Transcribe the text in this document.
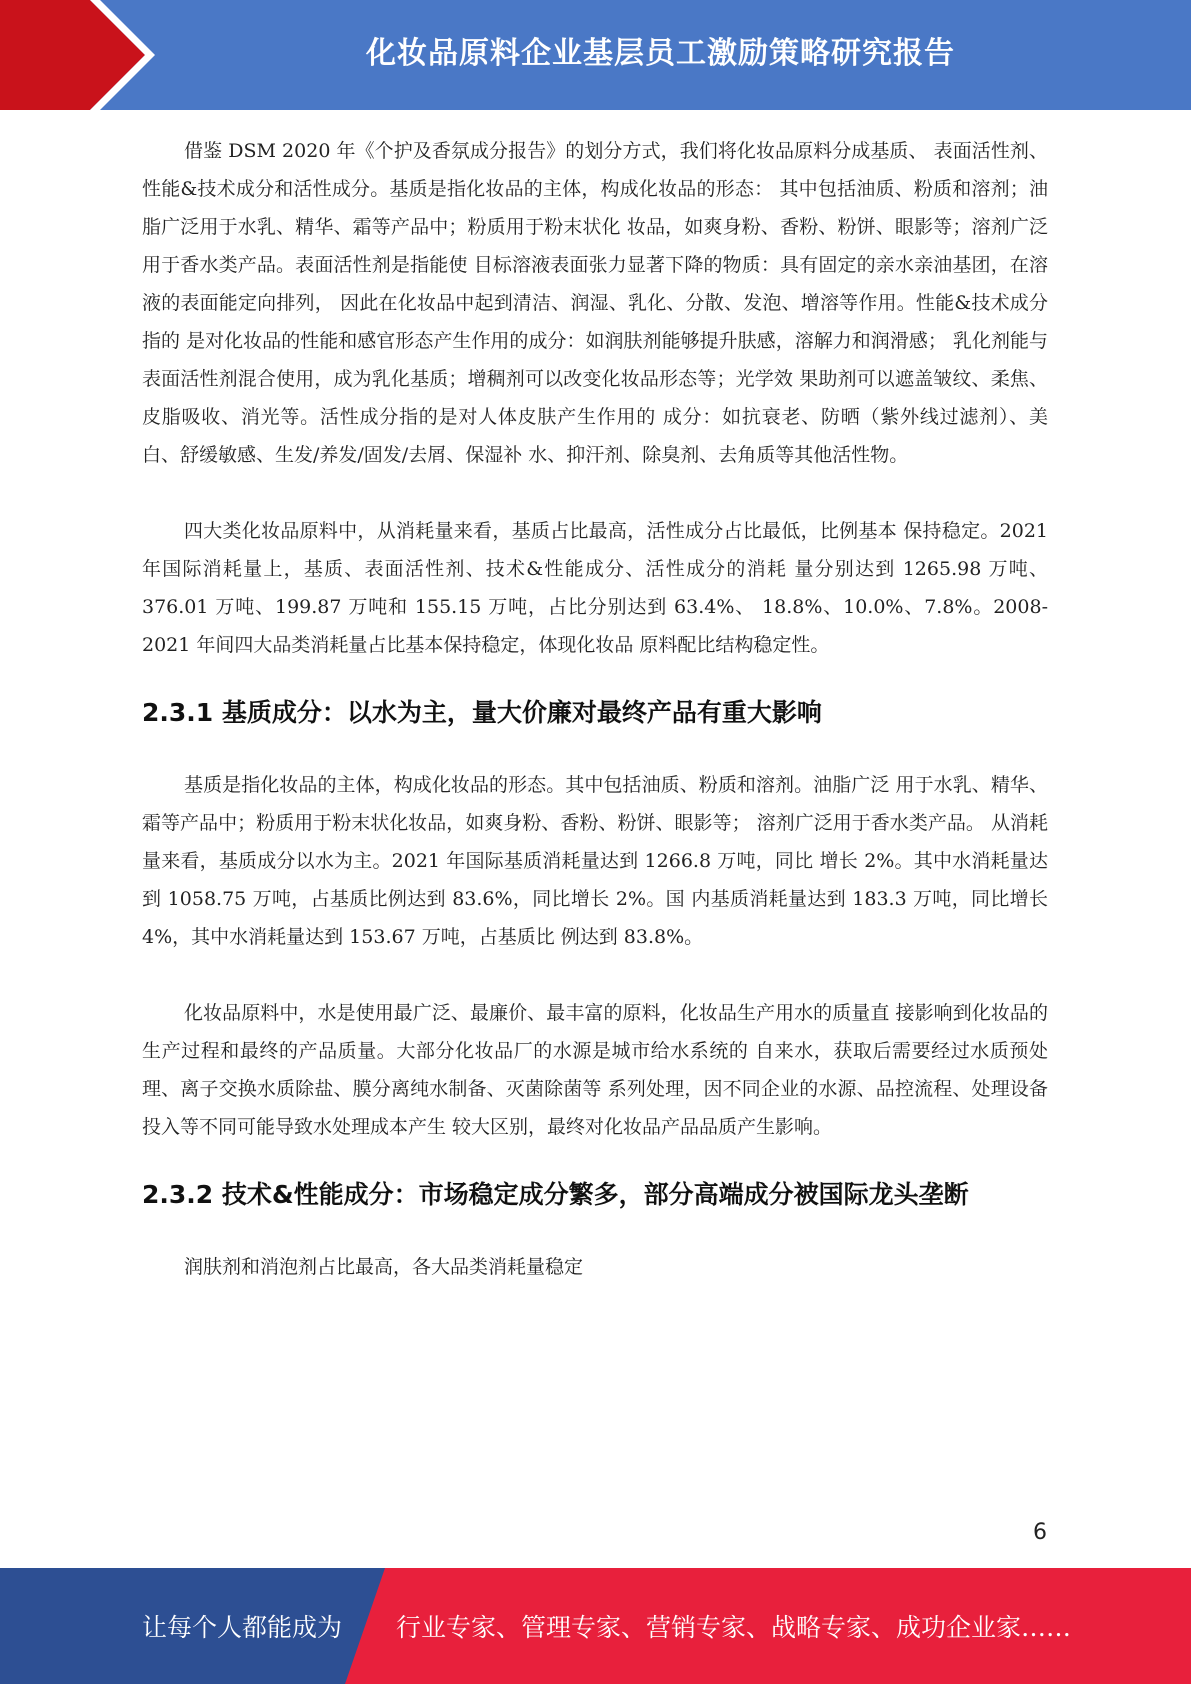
化妆品原料企业基层员工激励策略研究报告

借鉴 DSM 2020 年《个护及香氛成分报告》的划分方式，我们将化妆品原料分成基质、 表面活性剂、性能&技术成分和活性成分。基质是指化妆品的主体，构成化妆品的形态： 其中包括油质、粉质和溶剂；油脂广泛用于水乳、精华、霜等产品中；粉质用于粉末状化 妆品，如爽身粉、香粉、粉饼、眼影等；溶剂广泛用于香水类产品。表面活性剂是指能使 目标溶液表面张力显著下降的物质：具有固定的亲水亲油基团，在溶液的表面能定向排列， 因此在化妆品中起到清洁、润湿、乳化、分散、发泡、增溶等作用。性能&技术成分指的 是对化妆品的性能和感官形态产生作用的成分：如润肤剂能够提升肤感，溶解力和润滑感； 乳化剂能与表面活性剂混合使用，成为乳化基质；增稠剂可以改变化妆品形态等；光学效 果助剂可以遮盖皱纹、柔焦、皮脂吸收、消光等。活性成分指的是对人体皮肤产生作用的 成分：如抗衰老、防晒（紫外线过滤剂）、美白、舒缓敏感、生发/养发/固发/去屑、保湿补 水、抑汗剂、除臭剂、去角质等其他活性物。

四大类化妆品原料中，从消耗量来看，基质占比最高，活性成分占比最低，比例基本 保持稳定。2021 年国际消耗量上，基质、表面活性剂、技术&性能成分、活性成分的消耗 量分别达到 1265.98 万吨、376.01 万吨、199.87 万吨和 155.15 万吨，占比分别达到 63.4%、 18.8%、10.0%、7.8%。2008-2021 年间四大品类消耗量占比基本保持稳定，体现化妆品 原料配比结构稳定性。

2.3.1 基质成分：以水为主，量大价廉对最终产品有重大影响

基质是指化妆品的主体，构成化妆品的形态。其中包括油质、粉质和溶剂。油脂广泛 用于水乳、精华、霜等产品中；粉质用于粉末状化妆品，如爽身粉、香粉、粉饼、眼影等； 溶剂广泛用于香水类产品。 从消耗量来看，基质成分以水为主。2021 年国际基质消耗量达到 1266.8 万吨，同比 增长 2%。其中水消耗量达到 1058.75 万吨，占基质比例达到 83.6%，同比增长 2%。国 内基质消耗量达到 183.3 万吨，同比增长 4%，其中水消耗量达到 153.67 万吨，占基质比 例达到 83.8%。

化妆品原料中，水是使用最广泛、最廉价、最丰富的原料，化妆品生产用水的质量直 接影响到化妆品的生产过程和最终的产品质量。大部分化妆品厂的水源是城市给水系统的 自来水，获取后需要经过水质预处理、离子交换水质除盐、膜分离纯水制备、灭菌除菌等 系列处理，因不同企业的水源、品控流程、处理设备投入等不同可能导致水处理成本产生 较大区别，最终对化妆品产品品质产生影响。

2.3.2 技术&性能成分：市场稳定成分繁多，部分高端成分被国际龙头垄断

润肤剂和消泡剂占比最高，各大品类消耗量稳定

6
让每个人都能成为 行业专家、管理专家、营销专家、战略专家、成功企业家……
